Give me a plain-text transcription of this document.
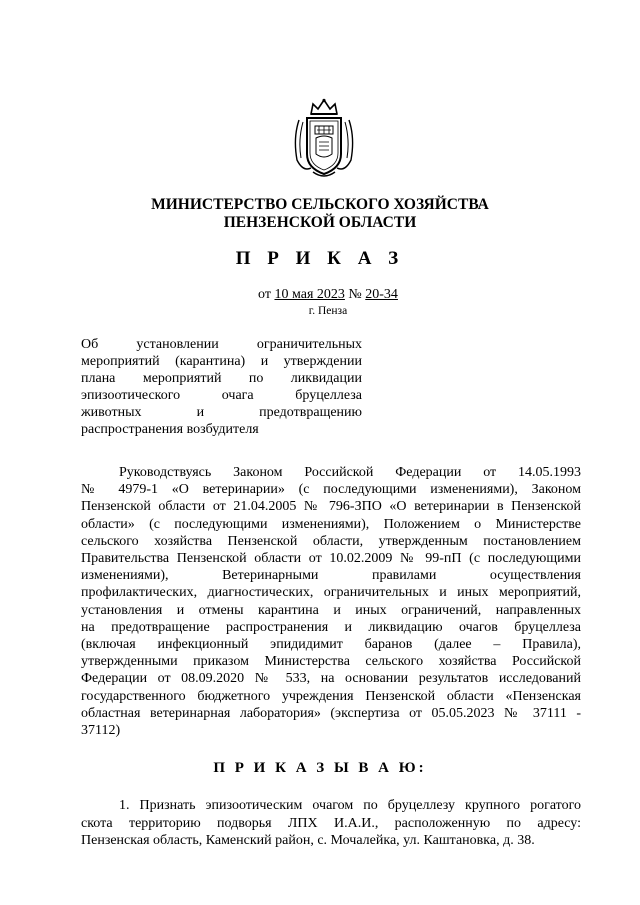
МИНИСТЕРСТВО СЕЛЬСКОГО ХОЗЯЙСТВА
ПЕНЗЕНСКОЙ ОБЛАСТИ
П Р И К А З
от 10 мая 2023 № 20-34
г. Пенза
Об установлении ограничительных
мероприятий (карантина) и утверждении
плана мероприятий по ликвидации
эпизоотического очага бруцеллеза
животных и предотвращению
распространения возбудителя
Руководствуясь Законом Российской Федерации от 14.05.1993
№ 4979-1 «О ветеринарии» (с последующими изменениями), Законом
Пензенской области от 21.04.2005 № 796-ЗПО «О ветеринарии в Пензенской
области» (с последующими изменениями), Положением о Министерстве
сельского хозяйства Пензенской области, утвержденным постановлением
Правительства Пензенской области от 10.02.2009 № 99-пП (с последующими
изменениями), Ветеринарными правилами осуществления
профилактических, диагностических, ограничительных и иных мероприятий,
установления и отмены карантина и иных ограничений, направленных
на предотвращение распространения и ликвидацию очагов бруцеллеза
(включая инфекционный эпидидимит баранов (далее – Правила),
утвержденными приказом Министерства сельского хозяйства Российской
Федерации от 08.09.2020 № 533, на основании результатов исследований
государственного бюджетного учреждения Пензенской области «Пензенская
областная ветеринарная лаборатория» (экспертиза от 05.05.2023 № 37111 -
37112)
П Р И К А З Ы В А Ю:
1. Признать эпизоотическим очагом по бруцеллезу крупного рогатого
скота территорию подворья ЛПХ И.А.И., расположенную по адресу:
Пензенская область, Каменский район, с. Мочалейка, ул. Каштановка, д. 38.
